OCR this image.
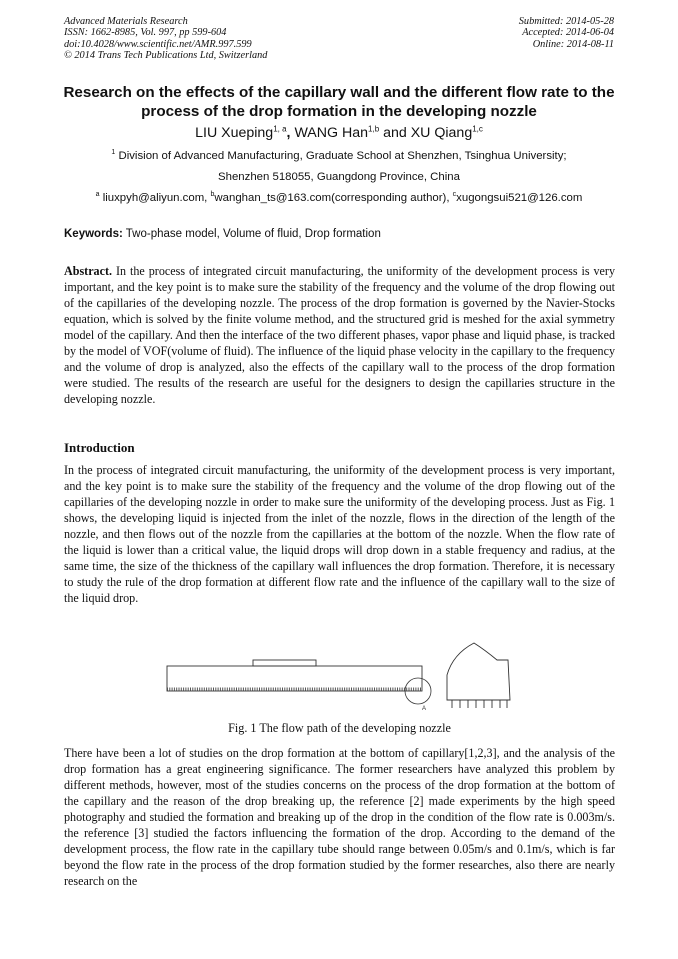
Advanced Materials Research
ISSN: 1662-8985, Vol. 997, pp 599-604
doi:10.4028/www.scientific.net/AMR.997.599
© 2014 Trans Tech Publications Ltd, Switzerland
Submitted: 2014-05-28
Accepted: 2014-06-04
Online: 2014-08-11
Research on the effects of the capillary wall and the different flow rate to the process of the drop formation in the developing nozzle
LIU Xueping$^{1, a}$, WANG Han$^{1,b}$ and XU Qiang$^{1,c}$
$^1$ Division of Advanced Manufacturing, Graduate School at Shenzhen, Tsinghua University;
Shenzhen 518055, Guangdong Province, China
$^a$ liuxpyh@aliyun.com, $^b$wanghan_ts@163.com(corresponding author), $^c$xugongsui521@126.com
Keywords: Two-phase model, Volume of fluid, Drop formation
Abstract. In the process of integrated circuit manufacturing, the uniformity of the development process is very important, and the key point is to make sure the stability of the frequency and the volume of the drop flowing out of the capillaries of the developing nozzle. The process of the drop formation is governed by the Navier-Stocks equation, which is solved by the finite volume method, and the structured grid is meshed for the axial symmetry model of the capillary. And then the interface of the two different phases, vapor phase and liquid phase, is tracked by the model of VOF(volume of fluid). The influence of the liquid phase velocity in the capillary to the frequency and the volume of drop is analyzed, also the effects of the capillary wall to the process of the drop formation were studied. The results of the research are useful for the designers to design the capillaries structure in the developing nozzle.
Introduction
In the process of integrated circuit manufacturing, the uniformity of the development process is very important, and the key point is to make sure the stability of the frequency and the volume of the drop flowing out of the capillaries of the developing nozzle in order to make sure the uniformity of the developing process. Just as Fig. 1 shows, the developing liquid is injected from the inlet of the nozzle, flows in the direction of the length of the nozzle, and then flows out of the nozzle from the capillaries at the bottom of the nozzle. When the flow rate of the liquid is lower than a critical value, the liquid drops will drop down in a stable frequency and radius, at the same time, the size of the thickness of the capillary wall influences the drop formation. Therefore, it is necessary to study the rule of the drop formation at different flow rate and the influence of the capillary wall to the size of the liquid drop.
A
Fig. 1 The flow path of the developing nozzle
There have been a lot of studies on the drop formation at the bottom of capillary[1,2,3], and the analysis of the drop formation has a great engineering significance. The former researchers have analyzed this problem by different methods, however, most of the studies concerns on the process of the drop formation at the bottom of the capillary and the reason of the drop breaking up, the reference [2] made experiments by the high speed photography and studied the formation and breaking up of the drop in the condition of the flow rate is 0.003m/s. the reference [3] studied the factors influencing the formation of the drop. According to the demand of the development process, the flow rate in the capillary tube should range between 0.05m/s and 0.1m/s, which is far beyond the flow rate in the process of the drop formation studied by the former researches, also there are nearly research on the
